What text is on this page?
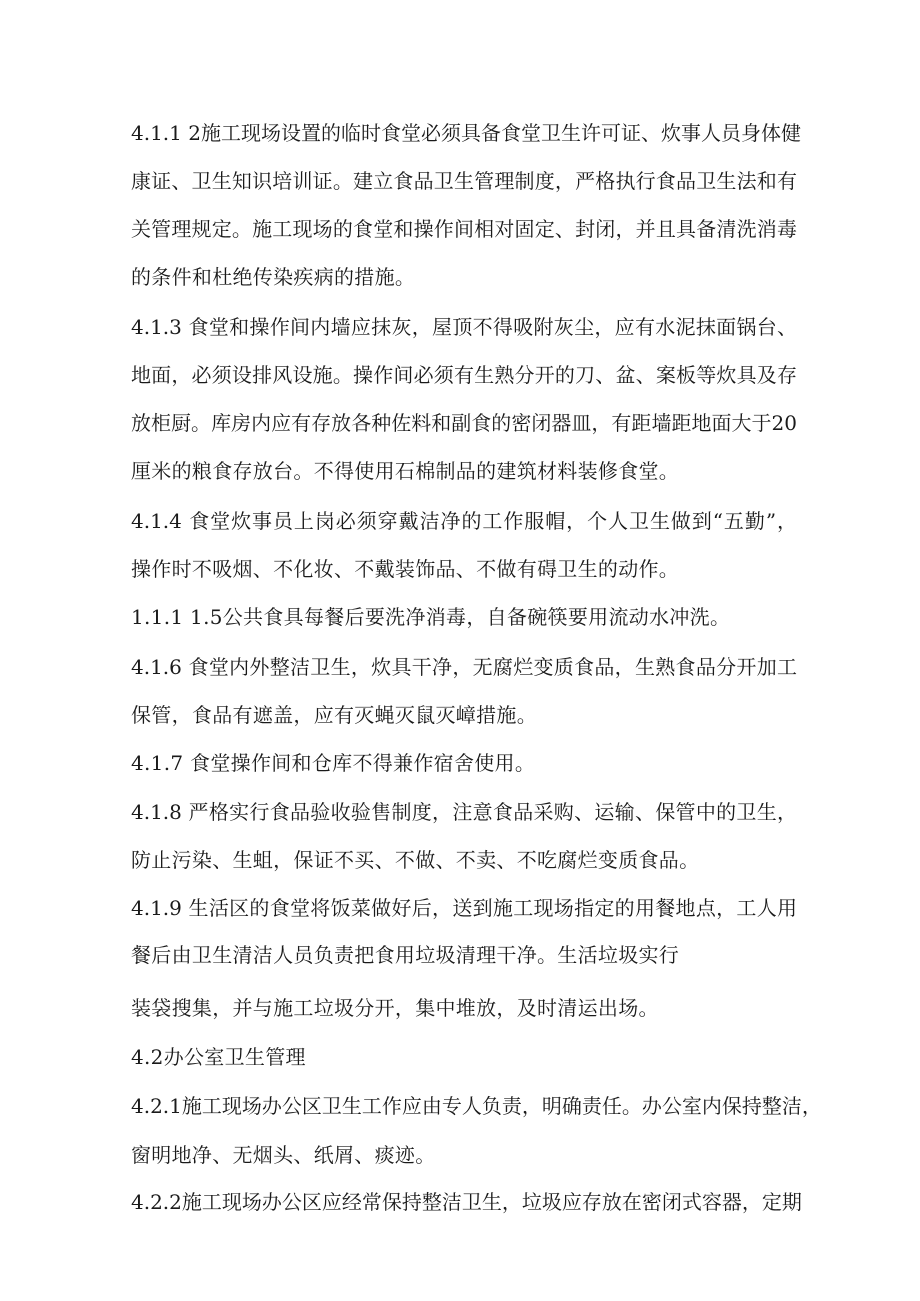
4.1.1 2施工现场设置的临时食堂必须具备食堂卫生许可证、炊事人员身体健
康证、卫生知识培训证。建立食品卫生管理制度，严格执行食品卫生法和有
关管理规定。施工现场的食堂和操作间相对固定、封闭，并且具备清洗消毒
的条件和杜绝传染疾病的措施。
4.1.3 食堂和操作间内墙应抹灰，屋顶不得吸附灰尘，应有水泥抹面锅台、
地面，必须设排风设施。操作间必须有生熟分开的刀、盆、案板等炊具及存
放柜厨。库房内应有存放各种佐料和副食的密闭器皿，有距墙距地面大于20
厘米的粮食存放台。不得使用石棉制品的建筑材料装修食堂。
4.1.4 食堂炊事员上岗必须穿戴洁净的工作服帽，个人卫生做到“五勤”，
操作时不吸烟、不化妆、不戴装饰品、不做有碍卫生的动作。
1.1.1 1.5公共食具每餐后要洗净消毒，自备碗筷要用流动水冲洗。
4.1.6 食堂内外整洁卫生，炊具干净，无腐烂变质食品，生熟食品分开加工
保管，食品有遮盖，应有灭蝇灭鼠灭嶂措施。
4.1.7 食堂操作间和仓库不得兼作宿舍使用。
4.1.8 严格实行食品验收验售制度，注意食品采购、运输、保管中的卫生，
防止污染、生蛆，保证不买、不做、不卖、不吃腐烂变质食品。
4.1.9 生活区的食堂将饭菜做好后，送到施工现场指定的用餐地点，工人用
餐后由卫生清洁人员负责把食用垃圾清理干净。生活垃圾实行
装袋搜集，并与施工垃圾分开，集中堆放，及时清运出场。
4.2办公室卫生管理
4.2.1施工现场办公区卫生工作应由专人负责，明确责任。办公室内保持整洁，
窗明地净、无烟头、纸屑、痰迹。
4.2.2施工现场办公区应经常保持整洁卫生，垃圾应存放在密闭式容器，定期
